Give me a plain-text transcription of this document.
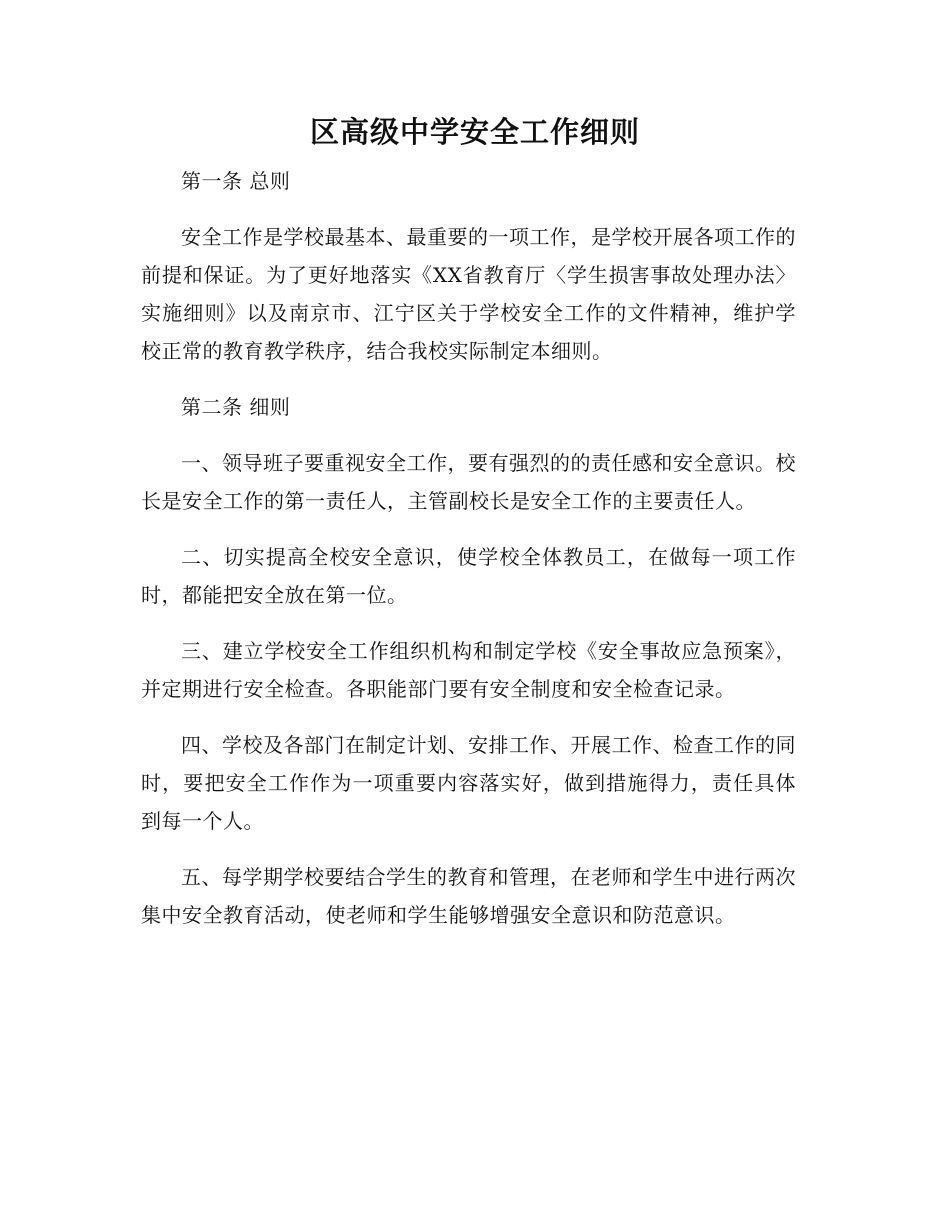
区高级中学安全工作细则

第一条 总则

安全工作是学校最基本、最重要的一项工作，是学校开展各项工作的前提和保证。为了更好地落实《XX省教育厅〈学生损害事故处理办法〉实施细则》以及南京市、江宁区关于学校安全工作的文件精神，维护学校正常的教育教学秩序，结合我校实际制定本细则。

第二条 细则

一、领导班子要重视安全工作，要有强烈的的责任感和安全意识。校长是安全工作的第一责任人，主管副校长是安全工作的主要责任人。

二、切实提高全校安全意识，使学校全体教员工，在做每一项工作时，都能把安全放在第一位。

三、建立学校安全工作组织机构和制定学校《安全事故应急预案》，并定期进行安全检查。各职能部门要有安全制度和安全检查记录。

四、学校及各部门在制定计划、安排工作、开展工作、检查工作的同时，要把安全工作作为一项重要内容落实好，做到措施得力，责任具体到每一个人。

五、每学期学校要结合学生的教育和管理，在老师和学生中进行两次集中安全教育活动，使老师和学生能够增强安全意识和防范意识。
